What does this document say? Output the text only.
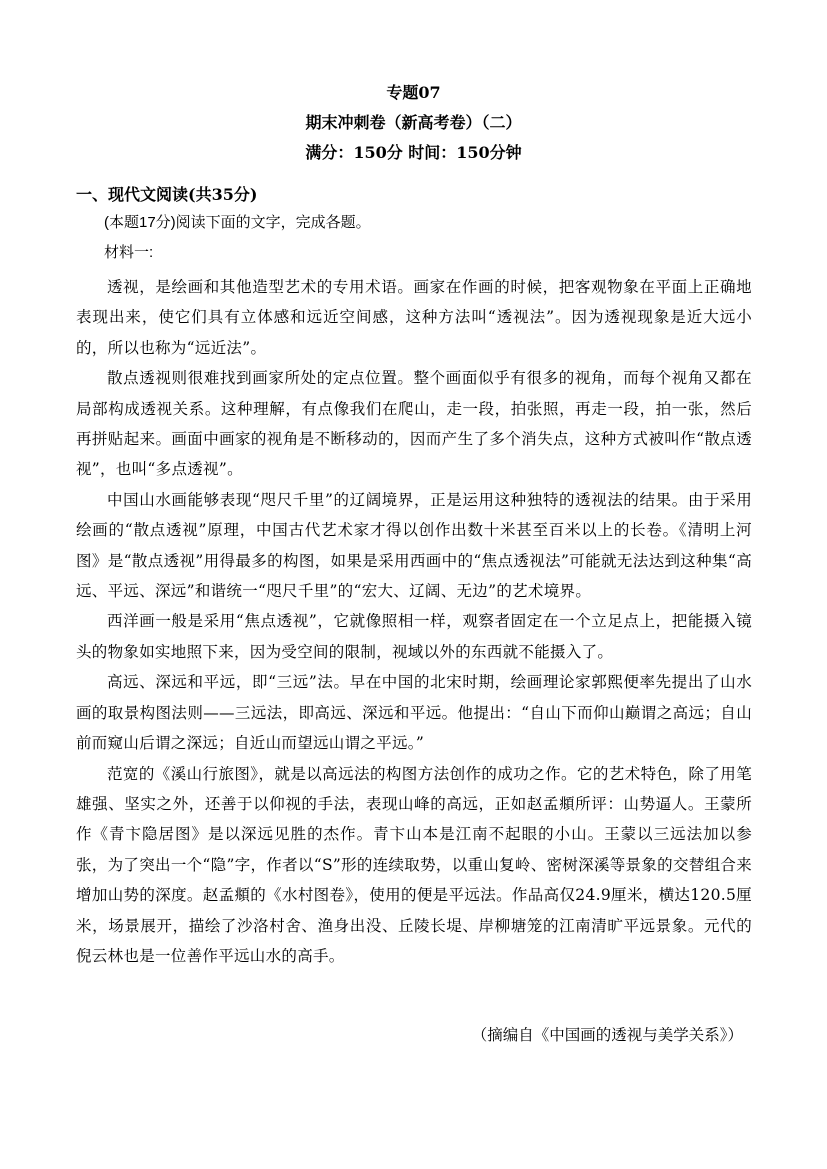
专题07
期末冲刺卷（新高考卷）（二）
满分：150分 时间：150分钟
一、现代文阅读(共35分)
(本题17分)阅读下面的文字，完成各题。
材料一:

透视，是绘画和其他造型艺术的专用术语。画家在作画的时候，把客观物象在平面上正确地表现出来，使它们具有立体感和远近空间感，这种方法叫“透视法”。因为透视现象是近大远小的，所以也称为“远近法”。

散点透视则很难找到画家所处的定点位置。整个画面似乎有很多的视角，而每个视角又都在局部构成透视关系。这种理解，有点像我们在爬山，走一段，拍张照，再走一段，拍一张，然后再拼贴起来。画面中画家的视角是不断移动的，因而产生了多个消失点，这种方式被叫作“散点透视”，也叫“多点透视”。

中国山水画能够表现“咫尺千里”的辽阔境界，正是运用这种独特的透视法的结果。由于采用绘画的“散点透视”原理，中国古代艺术家才得以创作出数十米甚至百米以上的长卷。《清明上河图》是“散点透视”用得最多的构图，如果是采用西画中的“焦点透视法”可能就无法达到这种集“高远、平远、深远”和谐统一“咫尺千里”的“宏大、辽阔、无边”的艺术境界。

西洋画一般是采用“焦点透视”，它就像照相一样，观察者固定在一个立足点上，把能摄入镜头的物象如实地照下来，因为受空间的限制，视域以外的东西就不能摄入了。

高远、深远和平远，即“三远”法。早在中国的北宋时期，绘画理论家郭熙便率先提出了山水画的取景构图法则——三远法，即高远、深远和平远。他提出：“自山下而仰山巅谓之高远；自山前而窥山后谓之深远；自近山而望远山谓之平远。”

范宽的《溪山行旅图》，就是以高远法的构图方法创作的成功之作。它的艺术特色，除了用笔雄强、坚实之外，还善于以仰视的手法，表现山峰的高远，正如赵孟頫所评：山势逼人。王蒙所作《青卞隐居图》是以深远见胜的杰作。青卞山本是江南不起眼的小山。王蒙以三远法加以参张，为了突出一个“隐”字，作者以“S”形的连续取势，以重山复岭、密树深溪等景象的交替组合来增加山势的深度。赵孟頫的《水村图卷》，使用的便是平远法。作品高仅24.9厘米，横达120.5厘米，场景展开，描绘了沙洛村舍、渔身出没、丘陵长堤、岸柳塘笼的江南清旷平远景象。元代的倪云林也是一位善作平远山水的高手。

（摘编自《中国画的透视与美学关系》）
